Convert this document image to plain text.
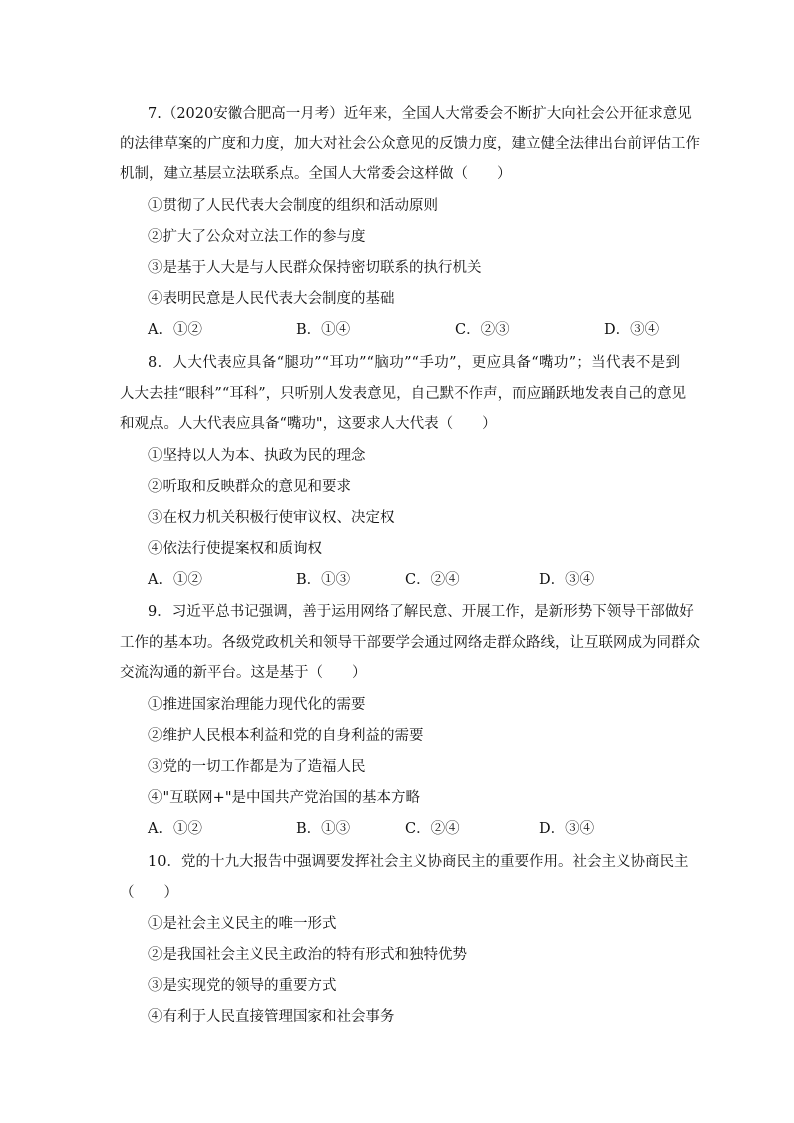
7.（2020安徽合肥高一月考）近年来，全国人大常委会不断扩大向社会公开征求意见
的法律草案的广度和力度，加大对社会公众意见的反馈力度，建立健全法律出台前评估工作
机制，建立基层立法联系点。全国人大常委会这样做（　　）
①贯彻了人民代表大会制度的组织和活动原则
②扩大了公众对立法工作的参与度
③是基于人大是与人民群众保持密切联系的执行机关
④表明民意是人民代表大会制度的基础
A．①②	B．①④	C．②③	D．③④
8．人大代表应具备“腿功”“耳功”“脑功”“手功”，更应具备“嘴功”；当代表不是到
人大去挂“眼科”“耳科”，只听别人发表意见，自己默不作声，而应踊跃地发表自己的意见
和观点。人大代表应具备“嘴功"，这要求人大代表（　　）
①坚持以人为本、执政为民的理念
②听取和反映群众的意见和要求
③在权力机关积极行使审议权、决定权
④依法行使提案权和质询权
A．①②	B．①③	C．②④	D．③④
9．习近平总书记强调，善于运用网络了解民意、开展工作，是新形势下领导干部做好
工作的基本功。各级党政机关和领导干部要学会通过网络走群众路线，让互联网成为同群众
交流沟通的新平台。这是基于（　　）
①推进国家治理能力现代化的需要
②维护人民根本利益和党的自身利益的需要
③党的一切工作都是为了造福人民
④"互联网+"是中国共产党治国的基本方略
A．①②	B．①③	C．②④	D．③④
10．党的十九大报告中强调要发挥社会主义协商民主的重要作用。社会主义协商民主
（　　）
①是社会主义民主的唯一形式
②是我国社会主义民主政治的特有形式和独特优势
③是实现党的领导的重要方式
④有利于人民直接管理国家和社会事务
